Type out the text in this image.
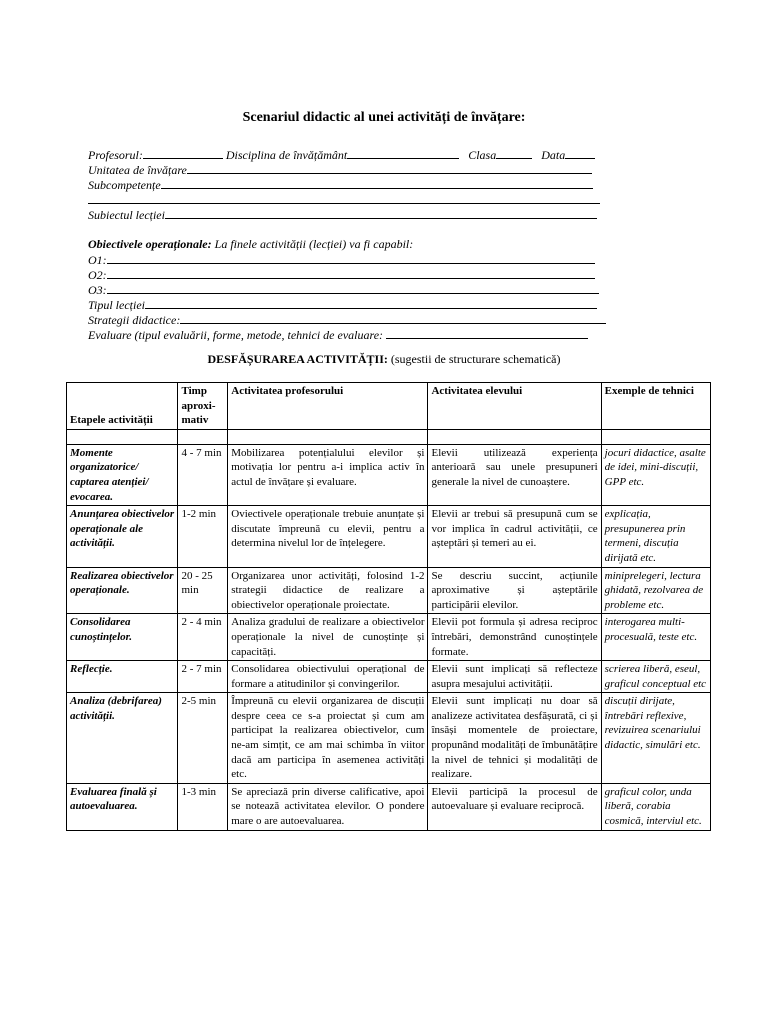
Scenariul didactic al unei activități de învățare:
Profesorul:	Disciplina de învățământ	Clasa	Data
Unitatea de învățare
Subcompetențe
Subiectul lecției
Obiectivele operaționale: La finele activității (lecției) va fi capabil:
O1:
O2:
O3:
Tipul lecției
Strategii didactice:
Evaluare (tipul evaluării, forme, metode, tehnici de evaluare:
DESFĂȘURAREA ACTIVITĂȚII: (sugestii de structurare schematică)
Etapele activității	Timp aproxi-mativ	Activitatea profesorului	Activitatea elevului	Exemple de tehnici

Momente organizatorice/ captarea atenției/ evocarea.	4 - 7 min	Mobilizarea potențialului elevilor și motivația lor pentru a-i implica activ în actul de învățare și evaluare.	Elevii utilizează experiența anterioară sau unele presupuneri generale la nivel de cunoaștere.	jocuri didactice, asalte de idei, mini-discuții, GPP etc.
Anunțarea obiectivelor operaționale ale activității.	1-2 min	Oviectivele operaționale trebuie anunțate și discutate împreună cu elevii, pentru a determina nivelul lor de înțelegere.	Elevii ar trebui să presupună cum se vor implica în cadrul activității, ce așteptări și temeri au ei.	explicația, presupunerea prin termeni, discuția dirijată etc.
Realizarea obiectivelor operaționale.	20 - 25 min	Organizarea unor activități, folosind 1-2 strategii didactice de realizare a obiectivelor operaționale proiectate.	Se descriu succint, acțiunile aproximative și așteptările participării elevilor.	miniprelegeri, lectura ghidată, rezolvarea de probleme etc.
Consolidarea cunoștințelor.	2 - 4 min	Analiza gradului de realizare a obiectivelor operaționale la nivel de cunoștințe și capacități.	Elevii pot formula și adresa reciproc întrebări, demonstrând cunoștințele formate.	interogarea multi-procesuală, teste etc.
Reflecție.	2 - 7 min	Consolidarea obiectivului operațional de formare a atitudinilor și convingerilor.	Elevii sunt implicați să reflecteze asupra mesajului activității.	scrierea liberă, eseul, graficul conceptual etc
Analiza (debrifarea) activității.	2-5 min	Împreună cu elevii organizarea de discuții despre ceea ce s-a proiectat și cum am participat la realizarea obiectivelor, cum ne-am simțit, ce am mai schimba în viitor dacă am participa în asemenea activități etc.	Elevii sunt implicați nu doar să analizeze activitatea desfășurată, ci și însăși momentele de proiectare, propunând modalități de îmbunătățire la nivel de tehnici și modalități de realizare.	discuții dirijate, întrebări reflexive, revizuirea scenariului didactic, simulări etc.
Evaluarea finală și autoevaluarea.	1-3 min	Se apreciază prin diverse calificative, apoi se notează activitatea elevilor. O pondere mare o are autoevaluarea.	Elevii participă la procesul de autoevaluare și evaluare reciprocă.	graficul color, unda liberă, corabia cosmică, interviul etc.
